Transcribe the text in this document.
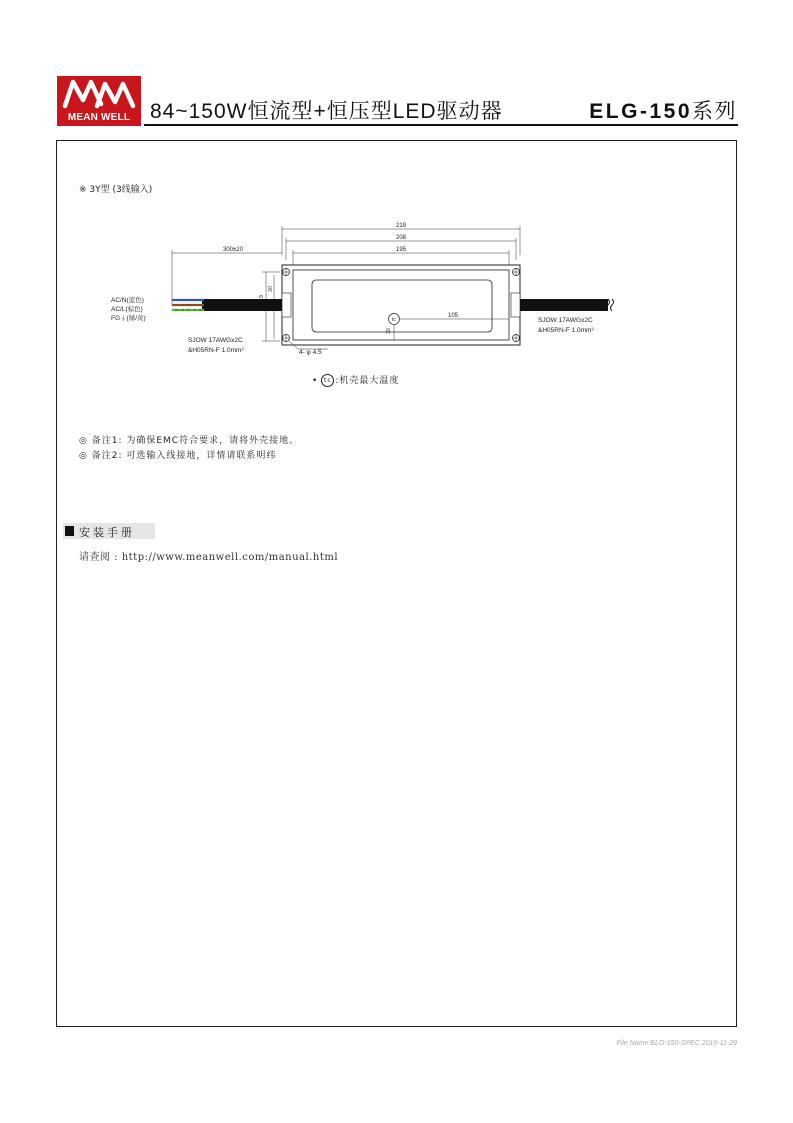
MEAN WELL 84~150W恒流型+恒压型LED驱动器	ELG-150系列
※ 3Y型 (3线输入)
219
208
195
300±20
20
tc
105
20
AC/N(蓝色)
AC/L(棕色)
FG⏚(绿/黄)	SJOW 17AWGx2C
&H05RN-F 1.0mm²
SJOW 17AWGx2C
&H05RN-F 1.0mm²	4- φ 4.5
• tc :机壳最大温度
◎ 备注1: 为确保EMC符合要求，请将外壳接地。
◎ 备注2: 可选输入线接地，详情请联系明纬
安装手册
请查阅 : http://www.meanwell.com/manual.html
File Name:ELG-150-SPEC 2016-11-29
